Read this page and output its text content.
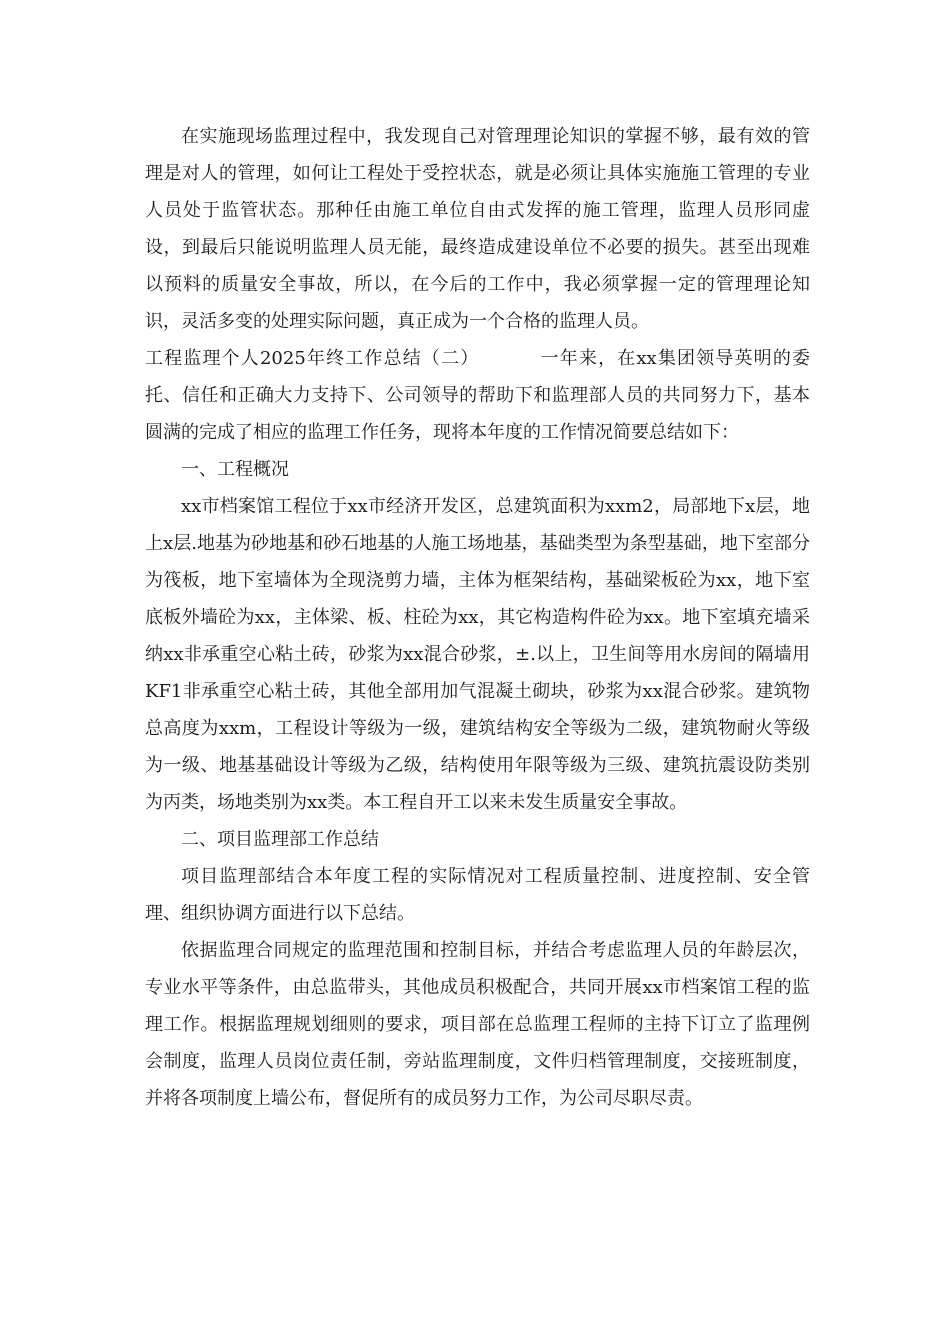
在实施现场监理过程中，我发现自己对管理理论知识的掌握不够，最有效的管理是对人的管理，如何让工程处于受控状态，就是必须让具体实施施工管理的专业人员处于监管状态。那种任由施工单位自由式发挥的施工管理，监理人员形同虚设，到最后只能说明监理人员无能，最终造成建设单位不必要的损失。甚至出现难以预料的质量安全事故，所以，在今后的工作中，我必须掌握一定的管理理论知识，灵活多变的处理实际问题，真正成为一个合格的监理人员。

工程监理个人2025年终工作总结（二）	一年来，在xx集团领导英明的委托、信任和正确大力支持下、公司领导的帮助下和监理部人员的共同努力下，基本圆满的完成了相应的监理工作任务，现将本年度的工作情况简要总结如下：

一、工程概况

xx市档案馆工程位于xx市经济开发区，总建筑面积为xxm2，局部地下x层，地上x层.地基为砂地基和砂石地基的人施工场地基，基础类型为条型基础，地下室部分为筏板，地下室墙体为全现浇剪力墙，主体为框架结构，基础梁板砼为xx，地下室底板外墙砼为xx，主体梁、板、柱砼为xx，其它构造构件砼为xx。地下室填充墙采纳xx非承重空心粘土砖，砂浆为xx混合砂浆，±.以上，卫生间等用水房间的隔墙用KF1非承重空心粘土砖，其他全部用加气混凝土砌块，砂浆为xx混合砂浆。建筑物总高度为xxm，工程设计等级为一级，建筑结构安全等级为二级，建筑物耐火等级为一级、地基基础设计等级为乙级，结构使用年限等级为三级、建筑抗震设防类别为丙类，场地类别为xx类。本工程自开工以来未发生质量安全事故。

二、项目监理部工作总结

项目监理部结合本年度工程的实际情况对工程质量控制、进度控制、安全管理、组织协调方面进行以下总结。

依据监理合同规定的监理范围和控制目标，并结合考虑监理人员的年龄层次，专业水平等条件，由总监带头，其他成员积极配合，共同开展xx市档案馆工程的监理工作。根据监理规划细则的要求，项目部在总监理工程师的主持下订立了监理例会制度，监理人员岗位责任制，旁站监理制度，文件归档管理制度，交接班制度，并将各项制度上墙公布，督促所有的成员努力工作，为公司尽职尽责。
